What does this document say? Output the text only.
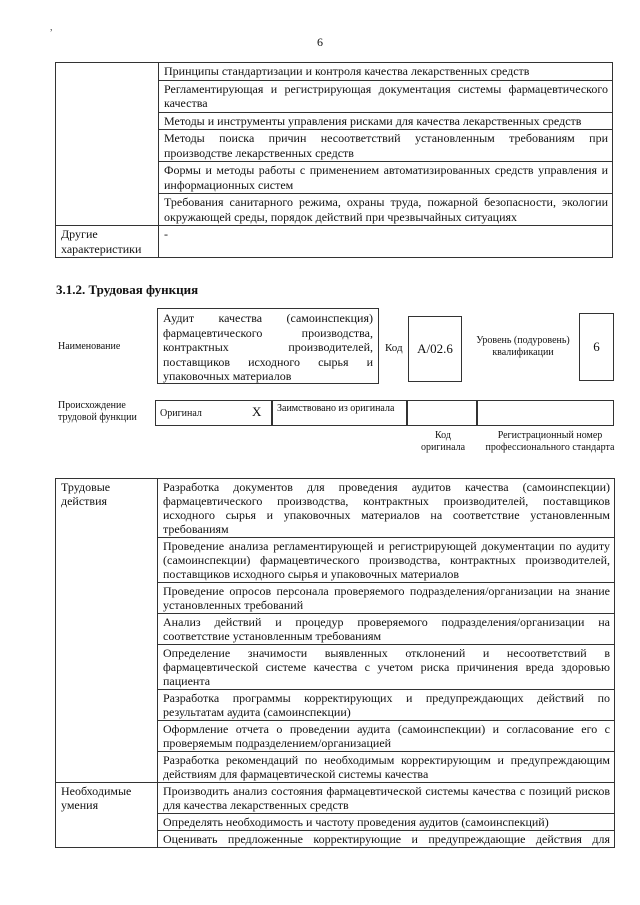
,
6
	Принципы стандартизации и контроля качества лекарственных средств
	Регламентирующая и регистрирующая документация системы фармацевтического качества
	Методы и инструменты управления рисками для качества лекарственных средств
	Методы поиска причин несоответствий установленным требованиям при производстве лекарственных средств
	Формы и методы работы с применением автоматизированных средств управления и информационных систем
	Требования санитарного режима, охраны труда, пожарной безопасности, экологии окружающей среды, порядок действий при чрезвычайных ситуациях
Другие характеристики	-
3.1.2. Трудовая функция
Наименование
Аудит качества (самоинспекция) фармацевтического производства, контрактных производителей, поставщиков исходного сырья и упаковочных материалов
Код	A/02.6
Уровень (подуровень) квалификации	6
Происхождение трудовой функции	Оригинал	X	Заимствовано из оригинала
Код оригинала
Регистрационный номер профессионального стандарта
Трудовые действия	Разработка документов для проведения аудитов качества (самоинспекции) фармацевтического производства, контрактных производителей, поставщиков исходного сырья и упаковочных материалов на соответствие установленным требованиям
	Проведение анализа регламентирующей и регистрирующей документации по аудиту (самоинспекции) фармацевтического производства, контрактных производителей, поставщиков исходного сырья и упаковочных материалов
	Проведение опросов персонала проверяемого подразделения/организации на знание установленных требований
	Анализ действий и процедур проверяемого подразделения/организации на соответствие установленным требованиям
	Определение значимости выявленных отклонений и несоответствий в фармацевтической системе качества с учетом риска причинения вреда здоровью пациента
	Разработка программы корректирующих и предупреждающих действий по результатам аудита (самоинспекции)
	Оформление отчета о проведении аудита (самоинспекции) и согласование его с проверяемым подразделением/организацией
	Разработка рекомендаций по необходимым корректирующим и предупреждающим действиям для фармацевтической системы качества
Необходимые умения	Производить анализ состояния фармацевтической системы качества с позиций рисков для качества лекарственных средств
	Определять необходимость и частоту проведения аудитов (самоинспекций)
	Оценивать предложенные корректирующие и предупреждающие действия для
